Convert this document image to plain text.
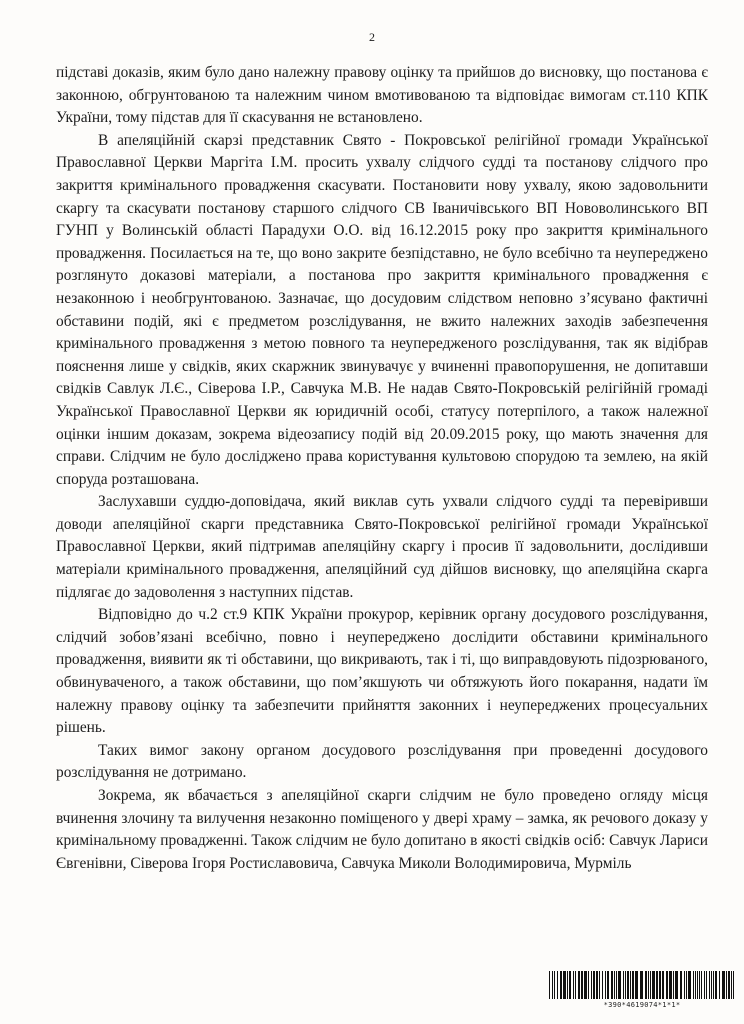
2

підставі доказів, яким було дано належну правову оцінку та прийшов до висновку, що постанова є законною, обгрунтованою та належним чином вмотивованою та відповідає вимогам ст.110 КПК України, тому підстав для її скасування не встановлено.

В апеляційній скарзі представник Свято - Покровської релігійної громади Української Православної Церкви Маргіта І.М. просить ухвалу слідчого судді та постанову слідчого про закриття кримінального провадження скасувати. Постановити нову ухвалу, якою задовольнити скаргу та скасувати постанову старшого слідчого СВ Іваничівського ВП Нововолинського ВП ГУНП у Волинській області Парадухи О.О. від 16.12.2015 року про закриття кримінального провадження. Посилається на те, що воно закрите безпідставно, не було всебічно та неупереджено розглянуто доказові матеріали, а постанова про закриття кримінального провадження є незаконною і необгрунтованою. Зазначає, що досудовим слідством неповно з’ясувано фактичні обставини подій, які є предметом розслідування, не вжито належних заходів забезпечення кримінального провадження з метою повного та неупередженого розслідування, так як відібрав пояснення лише у свідків, яких скаржник звинувачує у вчиненні правопорушення, не допитавши свідків Савлук Л.Є., Сіверова І.Р., Савчука М.В. Не надав Свято-Покровській релігійній громаді Української Православної Церкви як юридичній особі, статусу потерпілого, а також належної оцінки іншим доказам, зокрема відеозапису подій від 20.09.2015 року, що мають значення для справи. Слідчим не було досліджено права користування культовою спорудою та землею, на якій споруда розташована.

Заслухавши суддю-доповідача, який виклав суть ухвали слідчого судді та перевіривши доводи апеляційної скарги представника Свято-Покровської релігійної громади Української Православної Церкви, який підтримав апеляційну скаргу і просив її задовольнити, дослідивши матеріали кримінального провадження, апеляційний суд дійшов висновку, що апеляційна скарга підлягає до задоволення з наступних підстав.

Відповідно до ч.2 ст.9 КПК України прокурор, керівник органу досудового розслідування, слідчий зобов’язані всебічно, повно і неупереджено дослідити обставини кримінального провадження, виявити як ті обставини, що викривають, так і ті, що виправдовують підозрюваного, обвинуваченого, а також обставини, що пом’якшують чи обтяжують його покарання, надати їм належну правову оцінку та забезпечити прийняття законних і неупереджених процесуальних рішень.

Таких вимог закону органом досудового розслідування при проведенні досудового розслідування не дотримано.

Зокрема, як вбачається з апеляційної скарги слідчим не було проведено огляду місця вчинення злочину та вилучення незаконно поміщеного у двері храму – замка, як речового доказу у кримінальному провадженні. Також слідчим не було допитано в якості свідків осіб: Савчук Лариси Євгенівни, Сіверова Ігоря Ростиславовича, Савчука Миколи Володимировича, Мурміль

*390*4619074*1*1*
